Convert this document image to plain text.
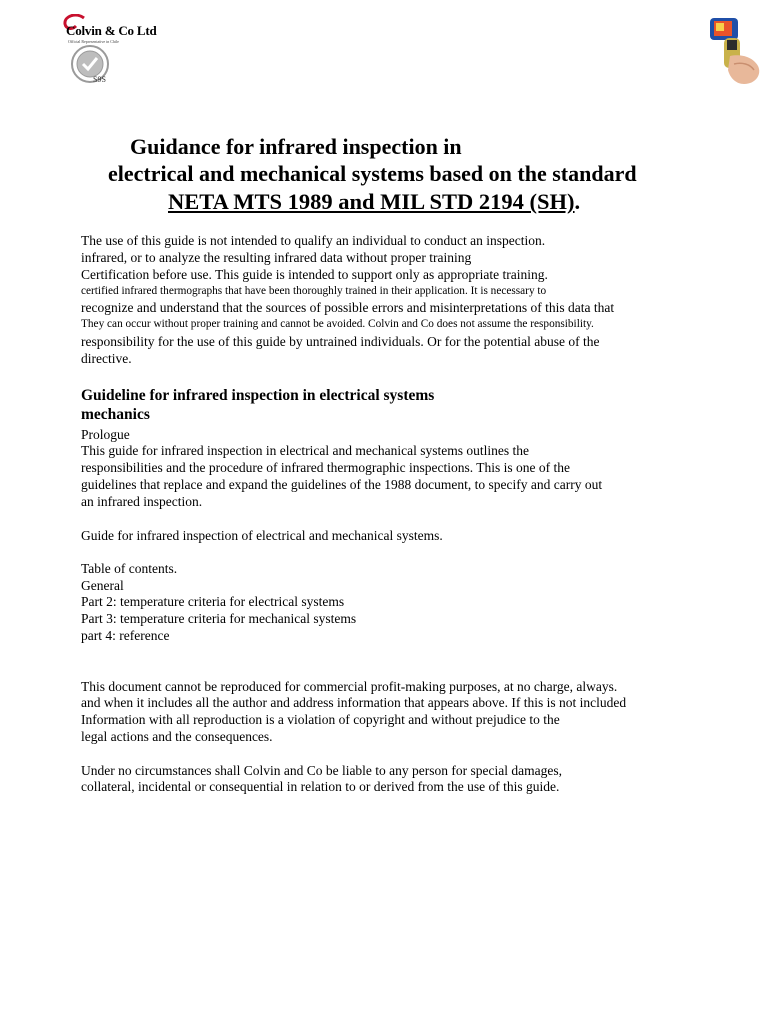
Colvin & Co Ltd
Official Representative in Chile
S9S
Guidance for infrared inspection in
electrical and mechanical systems based on the standard
NETA MTS 1989 and MIL STD 2194 (SH).
The use of this guide is not intended to qualify an individual to conduct an inspection.
infrared, or to analyze the resulting infrared data without proper training
Certification before use. This guide is intended to support only as appropriate training.
certified infrared thermographs that have been thoroughly trained in their application. It is necessary to
recognize and understand that the sources of possible errors and misinterpretations of this data that
They can occur without proper training and cannot be avoided. Colvin and Co does not assume the responsibility.
responsibility for the use of this guide by untrained individuals. Or for the potential abuse of the
directive.
Guideline for infrared inspection in electrical systems
mechanics
Prologue
This guide for infrared inspection in electrical and mechanical systems outlines the
responsibilities and the procedure of infrared thermographic inspections. This is one of the
guidelines that replace and expand the guidelines of the 1988 document, to specify and carry out
an infrared inspection.
Guide for infrared inspection of electrical and mechanical systems.
Table of contents.
General
Part 2: temperature criteria for electrical systems
Part 3: temperature criteria for mechanical systems
part 4: reference
This document cannot be reproduced for commercial profit-making purposes, at no charge, always.
and when it includes all the author and address information that appears above. If this is not included
Information with all reproduction is a violation of copyright and without prejudice to the
legal actions and the consequences.
Under no circumstances shall Colvin and Co be liable to any person for special damages,
collateral, incidental or consequential in relation to or derived from the use of this guide.
